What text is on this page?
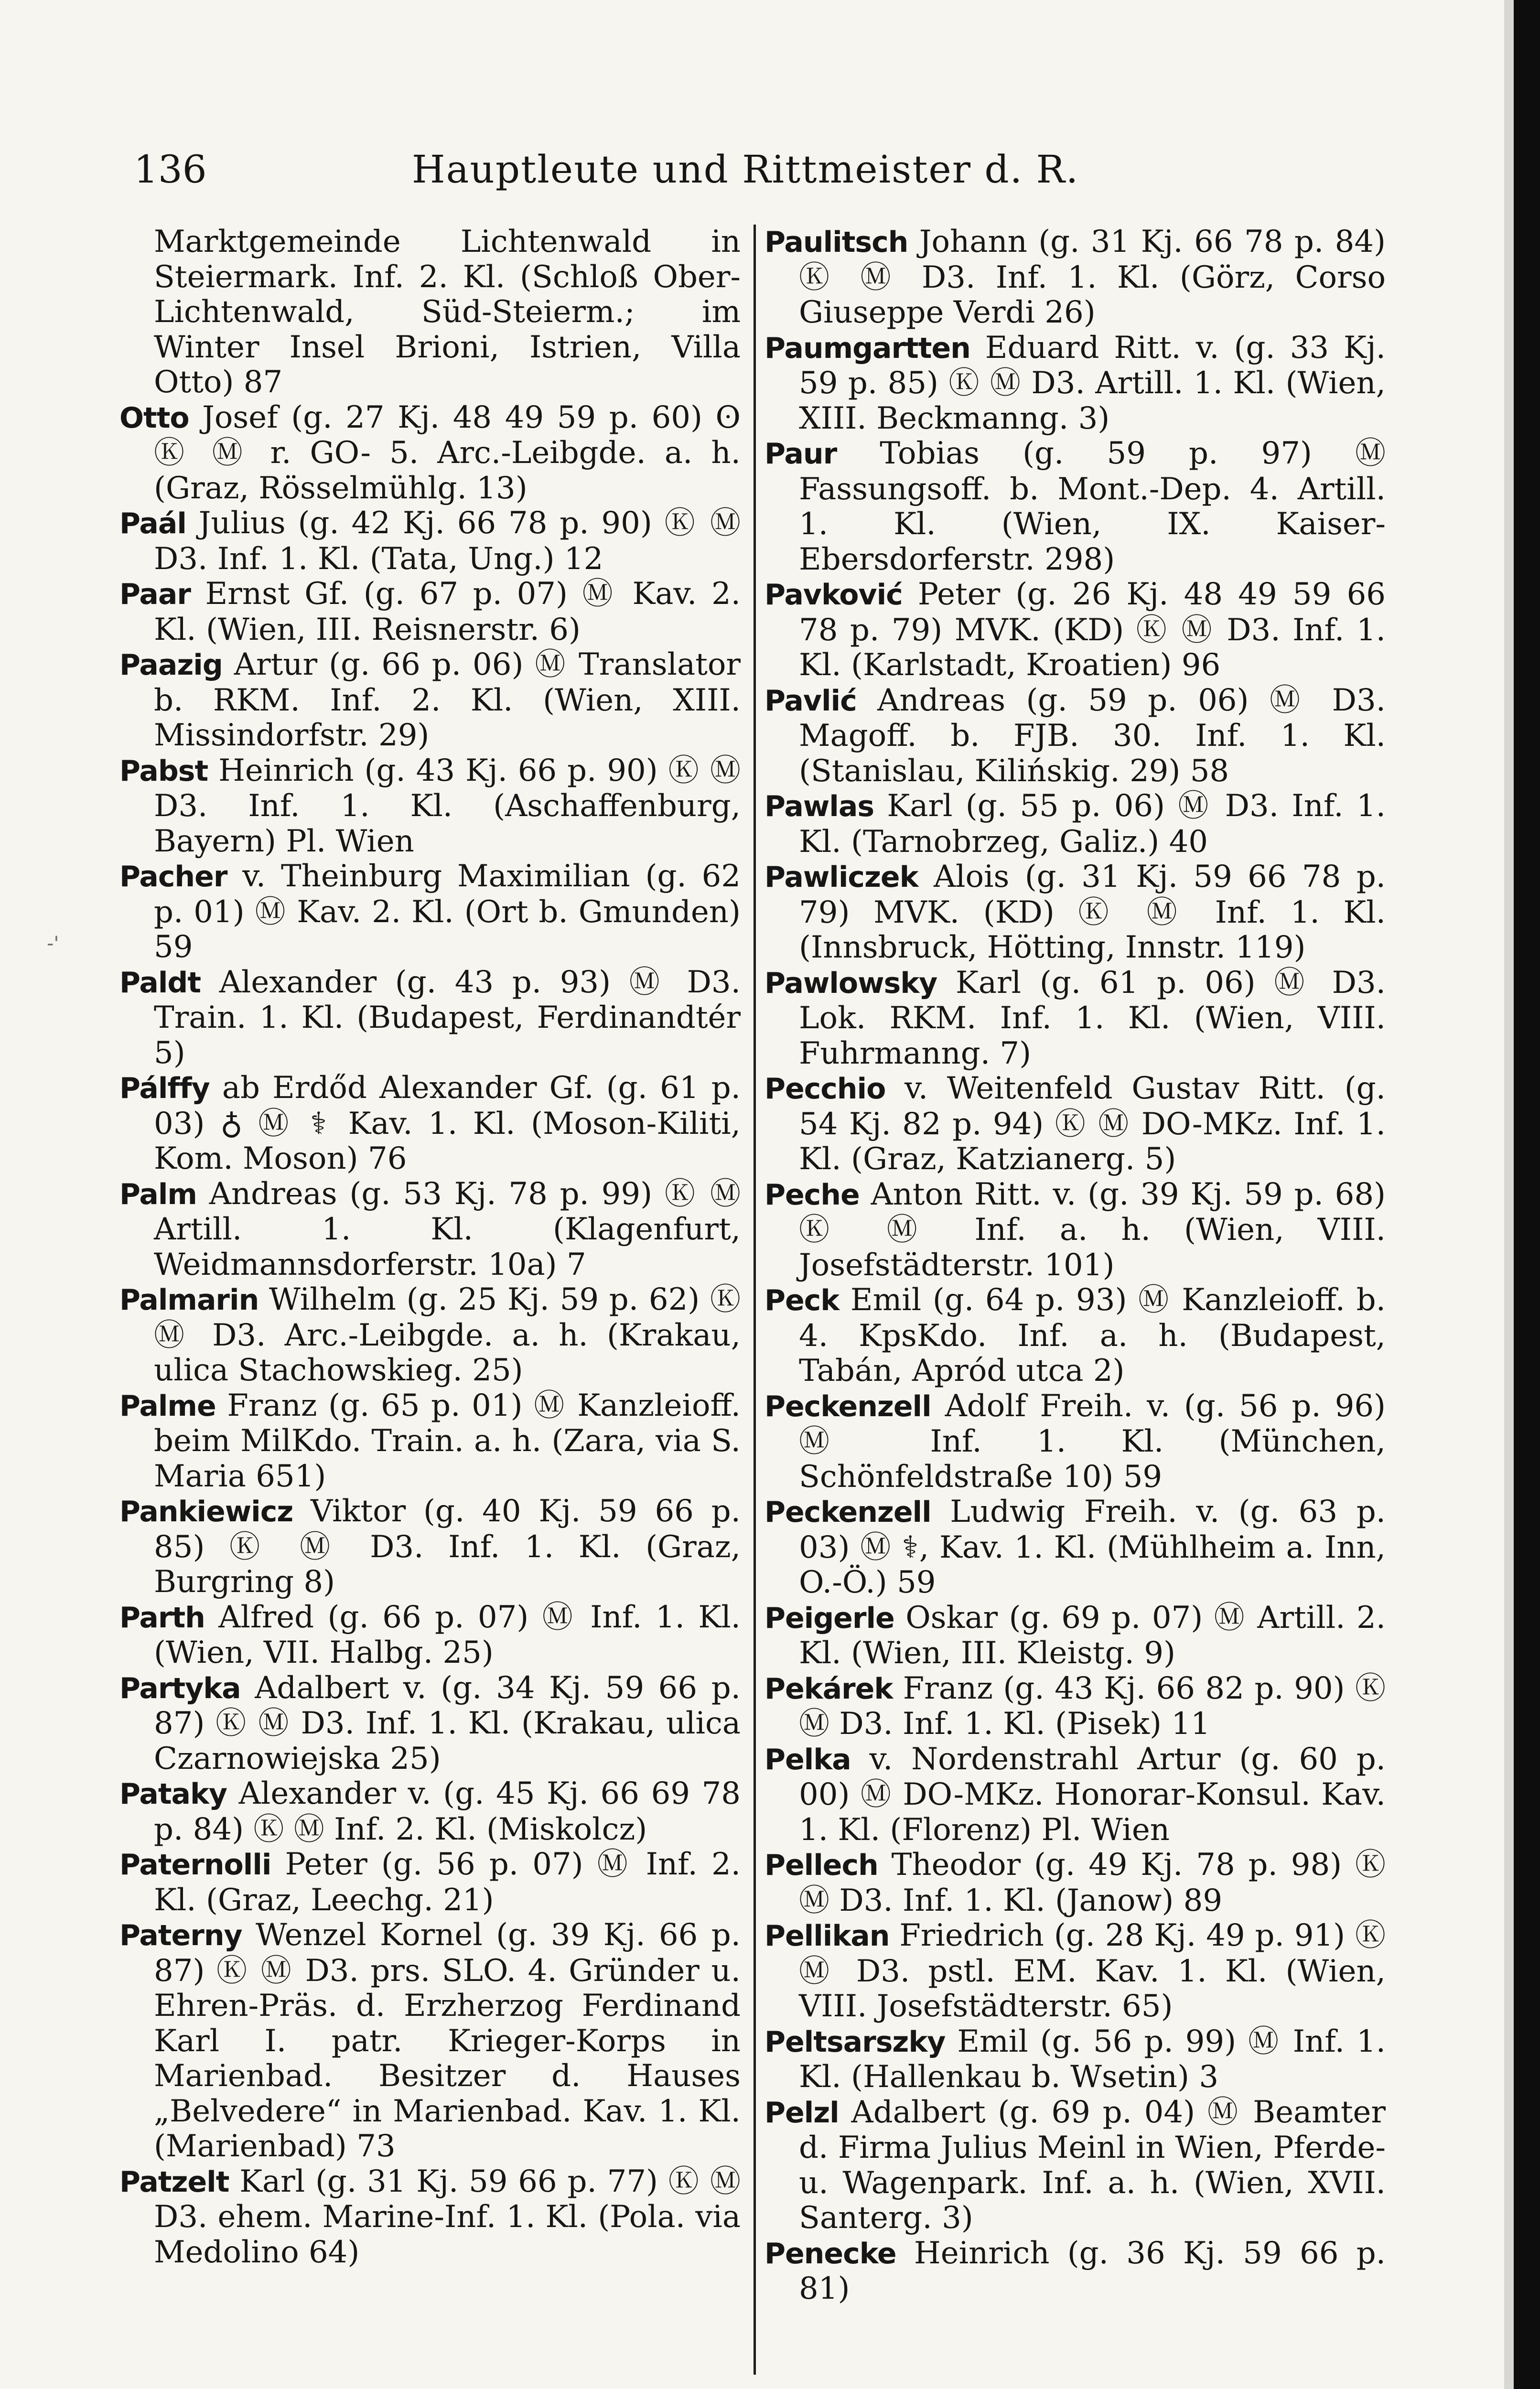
136	Hauptleute und Rittmeister d. R.
-'

Marktgemeinde Lichtenwald in Steiermark. Inf. 2. Kl. (Schloß Ober-Lichtenwald, Süd-Steierm.; im Winter Insel Brioni, Istrien, Villa Otto) 87

Otto Josef (g. 27 Kj. 48 49 59 p. 60) ʘ Ⓚ Ⓜ r. GO- 5. Arc.-Leibgde. a. h. (Graz, Rösselmühlg. 13)

Paál Julius (g. 42 Kj. 66 78 p. 90) Ⓚ Ⓜ D3. Inf. 1. Kl. (Tata, Ung.) 12

Paar Ernst Gf. (g. 67 p. 07) Ⓜ Kav. 2. Kl. (Wien, III. Reisnerstr. 6)

Paazig Artur (g. 66 p. 06) Ⓜ Translator b. RKM. Inf. 2. Kl. (Wien, XIII. Missindorfstr. 29)

Pabst Heinrich (g. 43 Kj. 66 p. 90) Ⓚ Ⓜ D3. Inf. 1. Kl. (Aschaffenburg, Bayern) Pl. Wien

Pacher v. Theinburg Maximilian (g. 62 p. 01) Ⓜ Kav. 2. Kl. (Ort b. Gmunden) 59

Paldt Alexander (g. 43 p. 93) Ⓜ D3. Train. 1. Kl. (Budapest, Ferdinandtér 5)

Pálffy ab Erdőd Alexander Gf. (g. 61 p. 03) ♁ Ⓜ ⚕ Kav. 1. Kl. (Moson-Kiliti, Kom. Moson) 76

Palm Andreas (g. 53 Kj. 78 p. 99) Ⓚ Ⓜ Artill. 1. Kl. (Klagenfurt, Weidmannsdorferstr. 10a) 7

Palmarin Wilhelm (g. 25 Kj. 59 p. 62) Ⓚ Ⓜ D3. Arc.-Leibgde. a. h. (Krakau, ulica Stachowskieg. 25)

Palme Franz (g. 65 p. 01) Ⓜ Kanzleioff. beim MilKdo. Train. a. h. (Zara, via S. Maria 651)

Pankiewicz Viktor (g. 40 Kj. 59 66 p. 85) Ⓚ Ⓜ D3. Inf. 1. Kl. (Graz, Burgring 8)

Parth Alfred (g. 66 p. 07) Ⓜ Inf. 1. Kl. (Wien, VII. Halbg. 25)

Partyka Adalbert v. (g. 34 Kj. 59 66 p. 87) Ⓚ Ⓜ D3. Inf. 1. Kl. (Krakau, ulica Czarnowiejska 25)

Pataky Alexander v. (g. 45 Kj. 66 69 78 p. 84) Ⓚ Ⓜ Inf. 2. Kl. (Miskolcz)

Paternolli Peter (g. 56 p. 07) Ⓜ Inf. 2. Kl. (Graz, Leechg. 21)

Paterny Wenzel Kornel (g. 39 Kj. 66 p. 87) Ⓚ Ⓜ D3. prs. SLO. 4. Gründer u. Ehren-Präs. d. Erzherzog Ferdinand Karl I. patr. Krieger-Korps in Marienbad. Besitzer d. Hauses „Belvedere“ in Marienbad. Kav. 1. Kl. (Marienbad) 73

Patzelt Karl (g. 31 Kj. 59 66 p. 77) Ⓚ Ⓜ D3. ehem. Marine-Inf. 1. Kl. (Pola. via Medolino 64)

Paulitsch Johann (g. 31 Kj. 66 78 p. 84) Ⓚ Ⓜ D3. Inf. 1. Kl. (Görz, Corso Giuseppe Verdi 26)

Paumgartten Eduard Ritt. v. (g. 33 Kj. 59 p. 85) Ⓚ Ⓜ D3. Artill. 1. Kl. (Wien, XIII. Beckmanng. 3)

Paur Tobias (g. 59 p. 97) Ⓜ Fassungsoff. b. Mont.-Dep. 4. Artill. 1. Kl. (Wien, IX. Kaiser-Ebersdorferstr. 298)

Pavković Peter (g. 26 Kj. 48 49 59 66 78 p. 79) MVK. (KD) Ⓚ Ⓜ D3. Inf. 1. Kl. (Karlstadt, Kroatien) 96

Pavlić Andreas (g. 59 p. 06) Ⓜ D3. Magoff. b. FJB. 30. Inf. 1. Kl. (Stanislau, Kilińskig. 29) 58

Pawlas Karl (g. 55 p. 06) Ⓜ D3. Inf. 1. Kl. (Tarnobrzeg, Galiz.) 40

Pawliczek Alois (g. 31 Kj. 59 66 78 p. 79) MVK. (KD) Ⓚ Ⓜ Inf. 1. Kl. (Innsbruck, Hötting, Innstr. 119)

Pawlowsky Karl (g. 61 p. 06) Ⓜ D3. Lok. RKM. Inf. 1. Kl. (Wien, VIII. Fuhrmanng. 7)

Pecchio v. Weitenfeld Gustav Ritt. (g. 54 Kj. 82 p. 94) Ⓚ Ⓜ DO-MKz. Inf. 1. Kl. (Graz, Katzianerg. 5)

Peche Anton Ritt. v. (g. 39 Kj. 59 p. 68) Ⓚ Ⓜ Inf. a. h. (Wien, VIII. Josefstädterstr. 101)

Peck Emil (g. 64 p. 93) Ⓜ Kanzleioff. b. 4. KpsKdo. Inf. a. h. (Budapest, Tabán, Apród utca 2)

Peckenzell Adolf Freih. v. (g. 56 p. 96) Ⓜ Inf. 1. Kl. (München, Schönfeldstraße 10) 59

Peckenzell Ludwig Freih. v. (g. 63 p. 03) Ⓜ ⚕, Kav. 1. Kl. (Mühlheim a. Inn, O.-Ö.) 59

Peigerle Oskar (g. 69 p. 07) Ⓜ Artill. 2. Kl. (Wien, III. Kleistg. 9)

Pekárek Franz (g. 43 Kj. 66 82 p. 90) Ⓚ Ⓜ D3. Inf. 1. Kl. (Pisek) 11

Pelka v. Nordenstrahl Artur (g. 60 p. 00) Ⓜ DO-MKz. Honorar-Konsul. Kav. 1. Kl. (Florenz) Pl. Wien

Pellech Theodor (g. 49 Kj. 78 p. 98) Ⓚ Ⓜ D3. Inf. 1. Kl. (Janow) 89

Pellikan Friedrich (g. 28 Kj. 49 p. 91) Ⓚ Ⓜ D3. pstl. EM. Kav. 1. Kl. (Wien, VIII. Josefstädterstr. 65)

Peltsarszky Emil (g. 56 p. 99) Ⓜ Inf. 1. Kl. (Hallenkau b. Wsetin) 3

Pelzl Adalbert (g. 69 p. 04) Ⓜ Beamter d. Firma Julius Meinl in Wien, Pferde- u. Wagenpark. Inf. a. h. (Wien, XVII. Santerg. 3)

Penecke Heinrich (g. 36 Kj. 59 66 p. 81)
